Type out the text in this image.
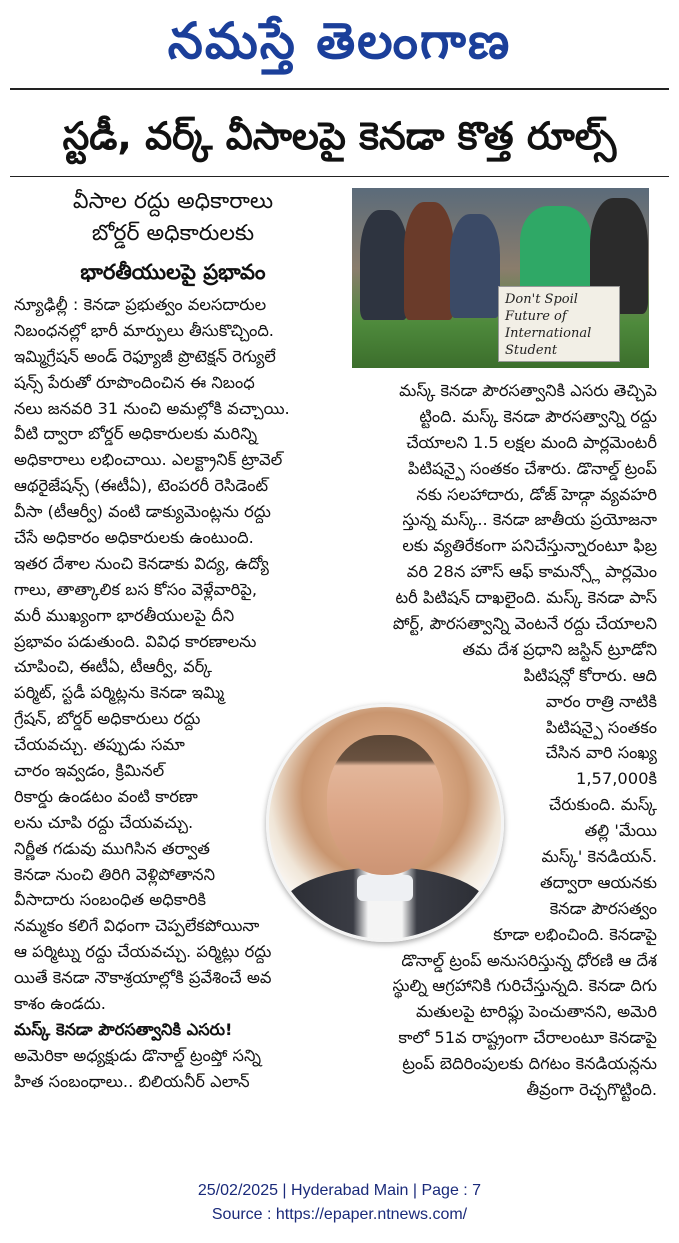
నమస్తే తెలంగాణ
స్టడీ, వర్క్ వీసాలపై కెనడా కొత్త రూల్స్
వీసాల రద్దు అధికారాలు
బోర్డర్ అధికారులకు
భారతీయులపై ప్రభావం
Don't Spoil
Future of
International
Student
న్యూఢిల్లీ : కెనడా ప్రభుత్వం వలసదారుల
నిబంధనల్లో భారీ మార్పులు తీసుకొచ్చింది.
ఇమ్మిగ్రేషన్ అండ్ రెఫ్యూజీ ప్రొటెక్షన్ రెగ్యులే
షన్స్ పేరుతో రూపొందించిన ఈ నిబంధ
నలు జనవరి 31 నుంచి అమల్లోకి వచ్చాయి.
వీటి ద్వారా బోర్డర్ అధికారులకు మరిన్ని
అధికారాలు లభించాయి. ఎలక్ట్రానిక్ ట్రావెల్
ఆథరైజేషన్స్ (ఈటీఏ), టెంపరరీ రెసిడెంట్
వీసా (టీఆర్వీ) వంటి డాక్యుమెంట్లను రద్దు
చేసే అధికారం అధికారులకు ఉంటుంది.
ఇతర దేశాల నుంచి కెనడాకు విద్య, ఉద్యో
గాలు, తాత్కాలిక బస కోసం వెళ్లేవారిపై,
మరీ ముఖ్యంగా భారతీయులపై దీని
ప్రభావం పడుతుంది. వివిధ కారణాలను
చూపించి, ఈటీఏ, టీఆర్వీ, వర్క్
పర్మిట్, స్టడీ పర్మిట్లను కెనడా ఇమ్మి
గ్రేషన్, బోర్డర్ అధికారులు రద్దు
చేయవచ్చు. తప్పుడు సమా
చారం ఇవ్వడం, క్రిమినల్
రికార్డు ఉండటం వంటి కారణా
లను చూపి రద్దు చేయవచ్చు.
నిర్ణీత గడువు ముగిసిన తర్వాత
కెనడా నుంచి తిరిగి వెళ్లిపోతానని
వీసాదారు సంబంధిత అధికారికి
నమ్మకం కలిగే విధంగా చెప్పలేకపోయినా
ఆ పర్మిట్ను రద్దు చేయవచ్చు. పర్మిట్లు రద్దు
యితే కెనడా నౌకాశ్రయాల్లోకి ప్రవేశించే అవ
కాశం ఉండదు.
మస్క్ కెనడా పౌరసత్వానికి ఎసరు!
అమెరికా అధ్యక్షుడు డొనాల్డ్ ట్రంప్తో సన్ని
హిత సంబంధాలు.. బిలియనీర్ ఎలాన్
మస్క్ కెనడా పౌరసత్వానికి ఎసరు తెచ్చిపె
ట్టింది. మస్క్ కెనడా పౌరసత్వాన్ని రద్దు
చేయాలని 1.5 లక్షల మంది పార్లమెంటరీ
పిటిషన్పై సంతకం చేశారు. డొనాల్డ్ ట్రంప్
నకు సలహాదారు, డోజ్ హెడ్గా వ్యవహరి
స్తున్న మస్క్.. కెనడా జాతీయ ప్రయోజనా
లకు వ్యతిరేకంగా పనిచేస్తున్నారంటూ ఫిబ్ర
వరి 28న హౌస్ ఆఫ్ కామన్స్లో పార్లమెం
టరీ పిటిషన్ దాఖలైంది. మస్క్ కెనడా పాస్
పోర్ట్, పౌరసత్వాన్ని వెంటనే రద్దు చేయాలని
తమ దేశ ప్రధాని జస్టిన్ ట్రూడోని
పిటిషన్లో కోరారు. ఆది
వారం రాత్రి నాటికి
పిటిషన్పై సంతకం
చేసిన వారి సంఖ్య
1,57,000కి
చేరుకుంది. మస్క్
తల్లి 'మేయి
మస్క్' కెనడియన్.
తద్వారా ఆయనకు
కెనడా పౌరసత్వం
కూడా లభించింది. కెనడాపై
డొనాల్డ్ ట్రంప్ అనుసరిస్తున్న ధోరణి ఆ దేశ
స్థుల్ని ఆగ్రహానికి గురిచేస్తున్నది. కెనడా దిగు
మతులపై టారిఫ్లు పెంచుతానని, అమెరి
కాలో 51వ రాష్ట్రంగా చేరాలంటూ కెనడాపై
ట్రంప్ బెదిరింపులకు దిగటం కెనడియన్లను
తీవ్రంగా రెచ్చగొట్టింది.
25/02/2025 | Hyderabad Main | Page : 7
Source : https://epaper.ntnews.com/
